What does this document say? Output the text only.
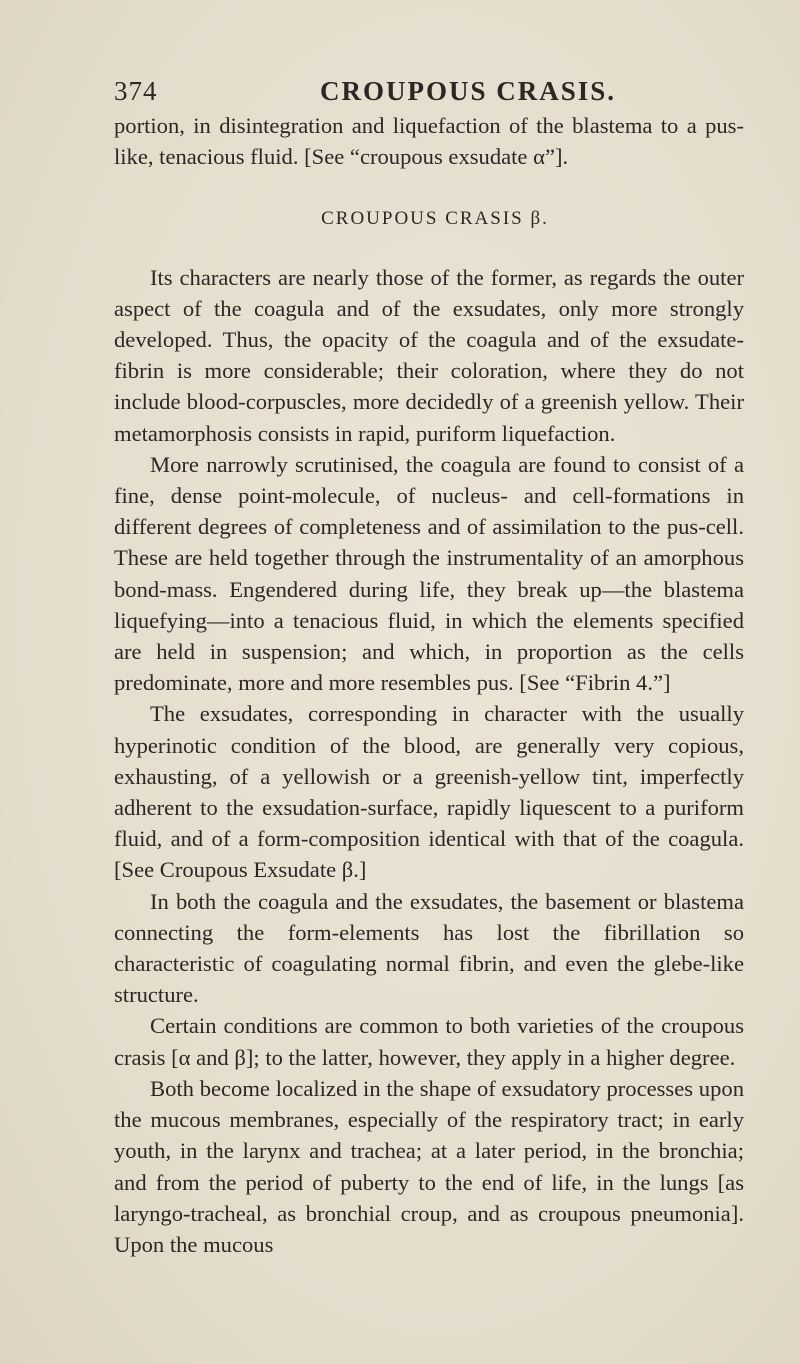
374	CROUPOUS CRASIS.

portion, in disintegration and liquefaction of the blastema to a pus-like, tenacious fluid. [See “croupous exsudate α”].

CROUPOUS CRASIS β.

Its characters are nearly those of the former, as regards the outer aspect of the coagula and of the exsudates, only more strongly developed. Thus, the opacity of the coagula and of the exsudate-fibrin is more considerable; their coloration, where they do not include blood-corpuscles, more decidedly of a greenish yellow. Their metamorphosis consists in rapid, puriform liquefaction.

More narrowly scrutinised, the coagula are found to consist of a fine, dense point-molecule, of nucleus- and cell-formations in different degrees of completeness and of assimilation to the pus-cell. These are held together through the instrumentality of an amorphous bond-mass. Engendered during life, they break up—the blastema liquefying—into a tenacious fluid, in which the elements specified are held in suspension; and which, in proportion as the cells predominate, more and more resembles pus. [See “Fibrin 4.”]

The exsudates, corresponding in character with the usually hyperinotic condition of the blood, are generally very copious, exhausting, of a yellowish or a greenish-yellow tint, imperfectly adherent to the exsudation-surface, rapidly liquescent to a puriform fluid, and of a form-composition identical with that of the coagula. [See Croupous Exsudate β.]

In both the coagula and the exsudates, the basement or blastema connecting the form-elements has lost the fibrillation so characteristic of coagulating normal fibrin, and even the glebe-like structure.

Certain conditions are common to both varieties of the croupous crasis [α and β]; to the latter, however, they apply in a higher degree.

Both become localized in the shape of exsudatory processes upon the mucous membranes, especially of the respiratory tract; in early youth, in the larynx and trachea; at a later period, in the bronchia; and from the period of puberty to the end of life, in the lungs [as laryngo-tracheal, as bronchial croup, and as croupous pneumonia]. Upon the mucous
